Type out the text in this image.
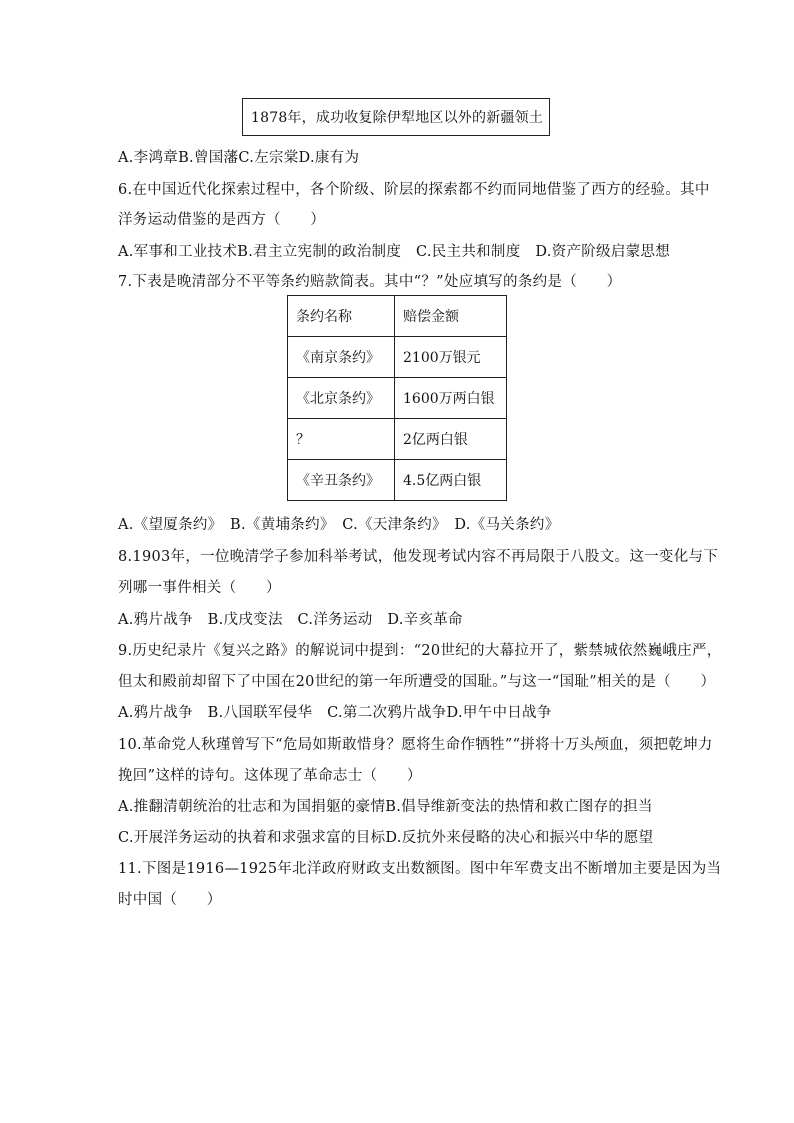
1878年，成功收复除伊犁地区以外的新疆领土
A.李鸿章B.曾国藩C.左宗棠D.康有为
6.在中国近代化探索过程中，各个阶级、阶层的探索都不约而同地借鉴了西方的经验。其中
洋务运动借鉴的是西方（　　）
A.军事和工业技术B.君主立宪制的政治制度　C.民主共和制度　D.资产阶级启蒙思想
7.下表是晚清部分不平等条约赔款简表。其中“？”处应填写的条约是（　　）
条约名称	赔偿金额
《南京条约》	2100万银元
《北京条约》	1600万两白银
？	2亿两白银
《辛丑条约》	4.5亿两白银
A.《望厦条约》　B.《黄埔条约》　C.《天津条约》　D.《马关条约》
8.1903年，一位晚清学子参加科举考试，他发现考试内容不再局限于八股文。这一变化与下
列哪一事件相关（　　）
A.鸦片战争　B.戊戌变法　C.洋务运动　D.辛亥革命
9.历史纪录片《复兴之路》的解说词中提到：“20世纪的大幕拉开了，紫禁城依然巍峨庄严，
但太和殿前却留下了中国在20世纪的第一年所遭受的国耻。”与这一“国耻”相关的是（　　）
A.鸦片战争　B.八国联军侵华　C.第二次鸦片战争D.甲午中日战争
10.革命党人秋瑾曾写下“危局如斯敢惜身？愿将生命作牺牲”“拼将十万头颅血，须把乾坤力
挽回”这样的诗句。这体现了革命志士（　　）
A.推翻清朝统治的壮志和为国捐躯的豪情B.倡导维新变法的热情和救亡图存的担当
C.开展洋务运动的执着和求强求富的目标D.反抗外来侵略的决心和振兴中华的愿望
11.下图是1916—1925年北洋政府财政支出数额图。图中年军费支出不断增加主要是因为当
时中国（　　）
